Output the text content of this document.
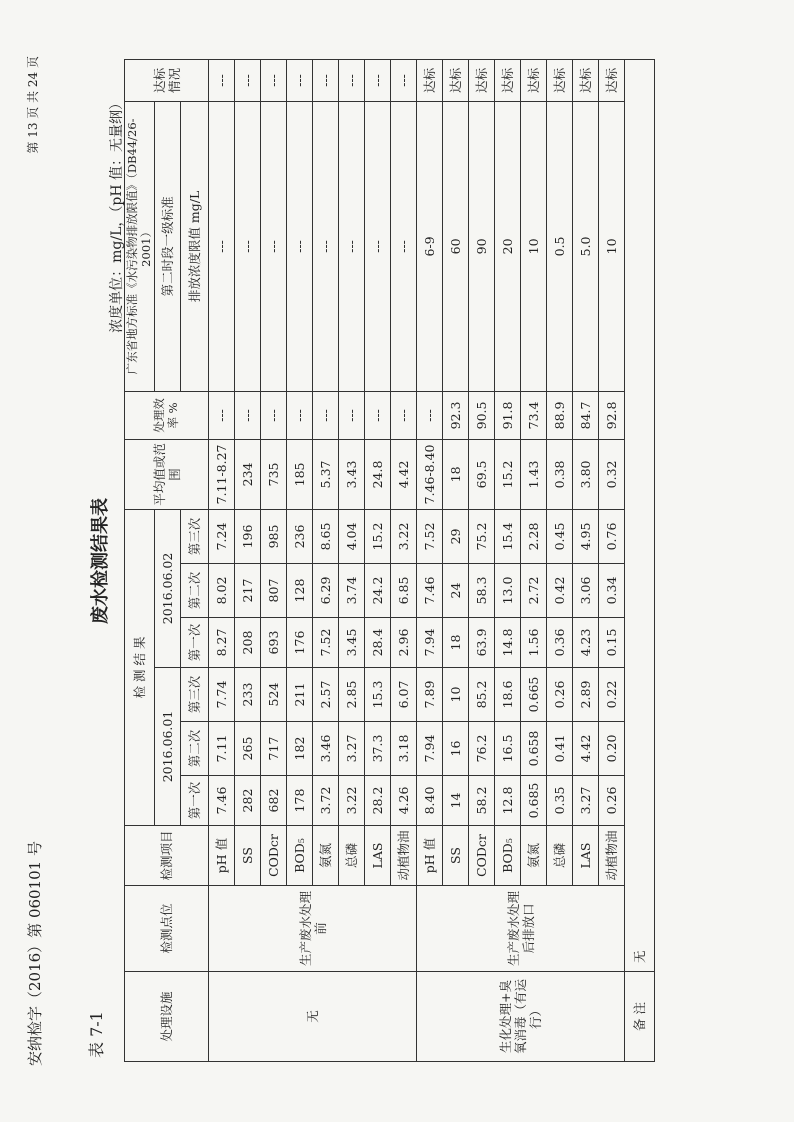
安纳检字（2016）第 060101 号
第 13 页 共 24 页
表 7-1
废水检测结果表
浓度单位：mg/L，（pH 值：无量纲）
处理设施	检测点位	检测项目	检 测 结 果						平均值或范围	处理效率 %	广东省地方标准《水污染物排放限值》（DB44/26-2001）	达标情况
			2016.06.01			2016.06.02					第二时段一级标准	
			第一次	第二次	第三次	第一次	第二次	第三次			排放浓度限值 mg/L	
无	生产废水处理前	pH 值	7.46	7.11	7.74	8.27	8.02	7.24	7.11-8.27	---	---	---
		SS	282	265	233	208	217	196	234	---	---	---
		CODcr	682	717	524	693	807	985	735	---	---	---
		BOD₅	178	182	211	176	128	236	185	---	---	---
		氨氮	3.72	3.46	2.57	7.52	6.29	8.65	5.37	---	---	---
		总磷	3.22	3.27	2.85	3.45	3.74	4.04	3.43	---	---	---
		LAS	28.2	37.3	15.3	28.4	24.2	15.2	24.8	---	---	---
		动植物油	4.26	3.18	6.07	2.96	6.85	3.22	4.42	---	---	---
生化处理+臭氧消毒（有运行）	生产废水处理后排放口	pH 值	8.40	7.94	7.89	7.94	7.46	7.52	7.46-8.40	---	6-9	达标
		SS	14	16	10	18	24	29	18	92.3	60	达标
		CODcr	58.2	76.2	85.2	63.9	58.3	75.2	69.5	90.5	90	达标
		BOD₅	12.8	16.5	18.6	14.8	13.0	15.4	15.2	91.8	20	达标
		氨氮	0.685	0.658	0.665	1.56	2.72	2.28	1.43	73.4	10	达标
		总磷	0.35	0.41	0.26	0.36	0.42	0.45	0.38	88.9	0.5	达标
		LAS	3.27	4.42	2.89	4.23	3.06	4.95	3.80	84.7	5.0	达标
		动植物油	0.26	0.20	0.22	0.15	0.34	0.76	0.32	92.8	10	达标
备 注	无											
